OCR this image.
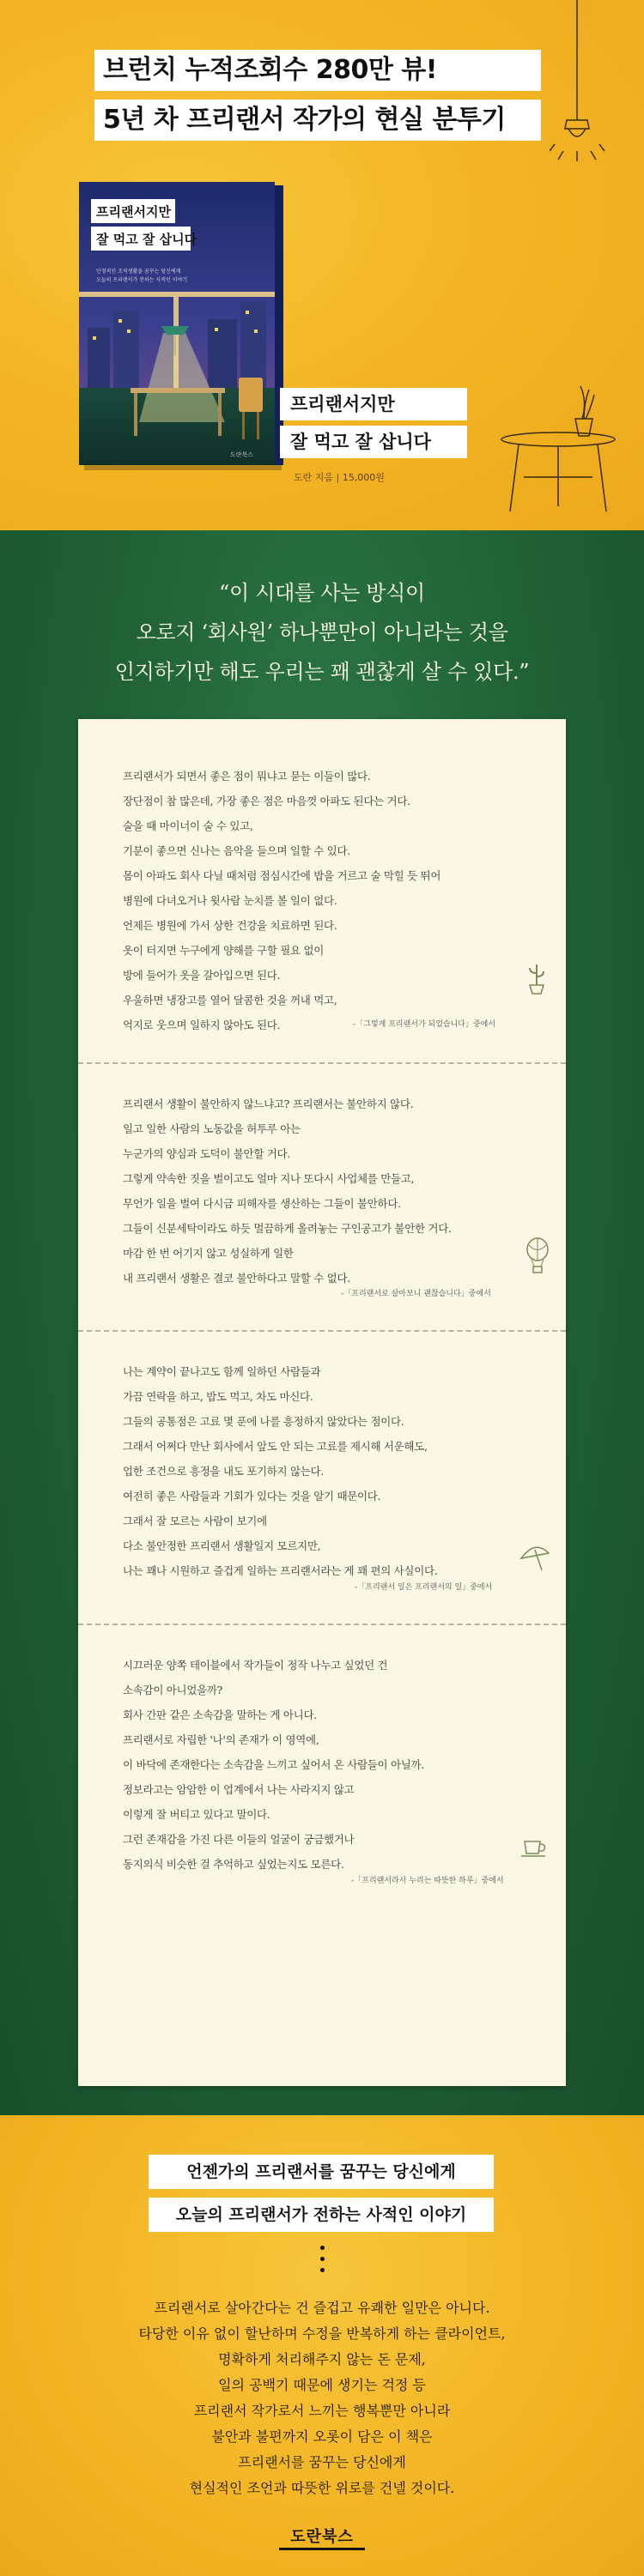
브런치 누적조회수 280만 뷰!
5년 차 프리랜서 작가의 현실 분투기
프리랜서지만
잘 먹고 잘 삽니다
안정적인 조직생활을 꿈꾸는 당신에게
오늘의 프리랜서가 전하는 사적인 이야기
도란북스
프리랜서지만
잘 먹고 잘 삽니다
도란 지음 | 15,000원
“이 시대를 사는 방식이
오로지 ‘회사원’ 하나뿐만이 아니라는 것을
인지하기만 해도 우리는 꽤 괜찮게 살 수 있다.”
프리랜서가 되면서 좋은 점이 뭐냐고 묻는 이들이 많다.
장단점이 참 많은데, 가장 좋은 점은 마음껏 아파도 된다는 거다.
술을 때 마이너이 술 수 있고,
기분이 좋으면 신나는 음악을 들으며 일할 수 있다.
몸이 아파도 회사 다닐 때처럼 점심시간에 밥을 거르고 술 막힐 듯 뛰어
병원에 다녀오거나 윗사람 눈치를 볼 일이 없다.
언제든 병원에 가서 상한 건강을 치료하면 된다.
옷이 터지면 누구에게 양해를 구할 필요 없이
방에 들어가 옷을 갈아입으면 된다.
우울하면 냉장고를 열어 달콤한 것을 꺼내 먹고,
억지로 웃으며 일하지 않아도 된다.	-「그렇게 프리랜서가 되었습니다」중에서
프리랜서 생활이 불안하지 않느냐고? 프리랜서는 불안하지 않다.
일고 일한 사람의 노동값을 허투루 아는
누군가의 양심과 도덕이 불안할 거다.
그렇게 약속한 짓을 벌이고도 얼마 지나 또다시 사업체를 만들고,
무언가 일을 벌여 다시금 피해자를 생산하는 그들이 불안하다.
그들이 신분세탁이라도 하듯 멀끔하게 올려놓는 구인공고가 불안한 거다.
마감 한 번 어기지 않고 성실하게 일한
내 프리랜서 생활은 결코 불안하다고 말할 수 없다.
-「프리랜서로 살아보니 괜찮습니다」중에서
나는 계약이 끝나고도 함께 일하던 사람들과
가끔 연락을 하고, 밥도 먹고, 차도 마신다.
그들의 공통점은 고료 몇 푼에 나를 흥정하지 않았다는 점이다.
그래서 어쩌다 만난 회사에서 앞도 안 되는 고료를 제시해 서운해도,
업한 조건으로 흥정을 내도 포기하지 않는다.
여전히 좋은 사람들과 기회가 있다는 것을 알기 때문이다.
그래서 잘 모르는 사람이 보기에
다소 불안정한 프리랜서 생활일지 모르지만,
나는 꽤나 시원하고 즐겁게 일하는 프리랜서라는 게 꽤 편의 사실이다.
-「프리랜서 일은 프리랜서의 일」중에서
시끄러운 양쪽 테이블에서 작가들이 정작 나누고 싶었던 건
소속감이 아니었을까?
회사 간판 같은 소속감을 말하는 게 아니다.
프리랜서로 자립한 '나'의 존재가 이 영역에,
이 바닥에 존재한다는 소속감을 느끼고 싶어서 온 사람들이 아닐까.
정보라고는 암암한 이 업계에서 나는 사라지지 않고
이렇게 잘 버티고 있다고 말이다.
그런 존재감을 가진 다른 이들의 얼굴이 궁금했거나
동지의식 비슷한 걸 추억하고 싶었는지도 모른다.
-「프리랜서라서 누리는 따뜻한 하루」중에서
언젠가의 프리랜서를 꿈꾸는 당신에게
오늘의 프리랜서가 전하는 사적인 이야기
프리랜서로 살아간다는 건 즐겁고 유쾌한 일만은 아니다.
타당한 이유 없이 할난하며 수정을 반복하게 하는 클라이언트,
명확하게 처리해주지 않는 돈 문제,
일의 공백기 때문에 생기는 걱정 등
프리랜서 작가로서 느끼는 행복뿐만 아니라
불안과 불편까지 오롯이 담은 이 책은
프리랜서를 꿈꾸는 당신에게
현실적인 조언과 따뜻한 위로를 건넬 것이다.
도란북스
